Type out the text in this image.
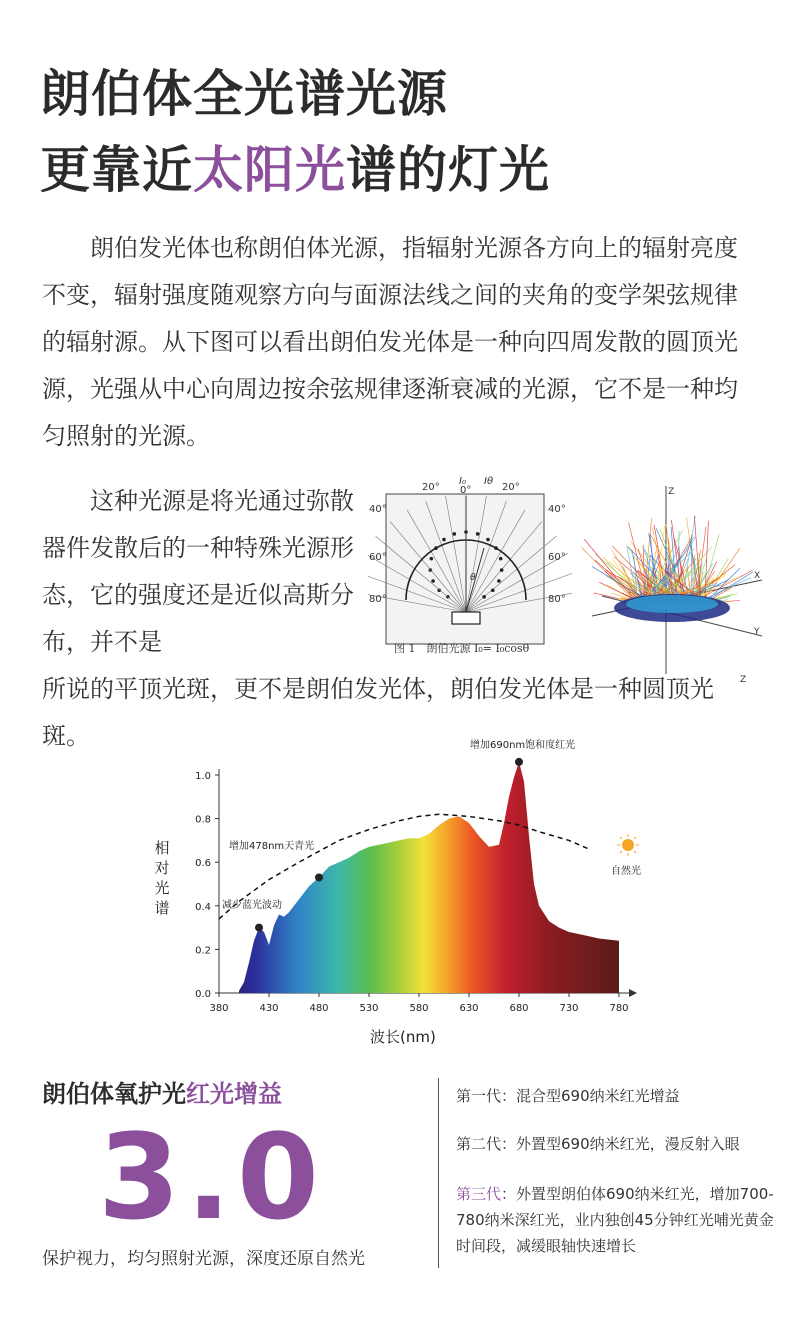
朗伯体全光谱光源
更靠近太阳光谱的灯光

朗伯发光体也称朗伯体光源，指辐射光源各方向上的辐射亮度不变，辐射强度随观察方向与面源法线之间的夹角的变学架弦规律的辐射源。从下图可以看出朗伯发光体是一种向四周发散的圆顶光源，光强从中心向周边按余弦规律逐渐衰减的光源，它不是一种均匀照射的光源。

这种光源是将光通过弥散器件发散后的一种特殊光源形态，它的强度还是近似高斯分布，并不是

所说的平顶光斑，更不是朗伯发光体，朗伯发光体是一种圆顶光斑。

20°
I₀
0°
Iθ
20°
40°	40°
60°	60°
80°	80°
θ
图 1　朗伯光源 I₀= I₀cosθ
Z
X
Y
Z
0.0
0.2
0.4
0.6
0.8
1.0
380	430	480	530	580	630	680	730	780
增加690nm饱和度红光
增加478nm天青光
减少蓝光波动
自然光
相对光谱
波长(nm)
朗伯体氧护光红光增益
3.0
保护视力，均匀照射光源，深度还原自然光
第一代：混合型690纳米红光增益
第二代：外置型690纳米红光，漫反射入眼
第三代：外置型朗伯体690纳米红光，增加700-780纳米深红光，业内独创45分钟红光哺光黄金时间段，减缓眼轴快速增长
